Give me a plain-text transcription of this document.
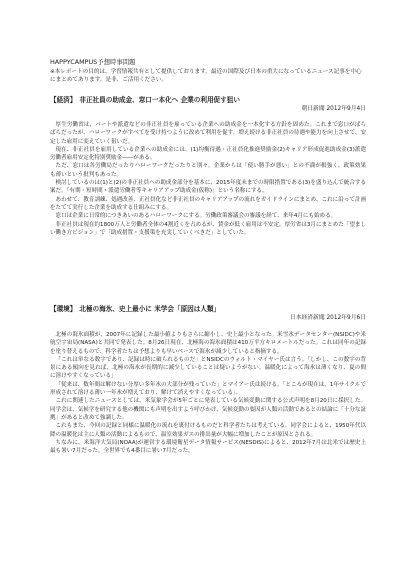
HAPPYCAMPUS予想時事問題
※本レポートの目的は、学習情報共有として提供しております。最近の国際及び日本の重大になっているニュース記事を中心にまとめてあります。是非、ご活用ください。
【経済】 非正社員の助成金、窓口一本化へ 企業の利用促す狙い
朝日新聞 2012年9月4日

厚生労働省は、パートや派遣などの非正社員を雇っている企業への助成金を一本化する方針を固めた。これまで窓口がばらばらだったが、ハローワークがすべてを受け持つように改めて利用を促す。増え続ける非正社員の待遇や能力を向上させて、安定した雇用に変えていく狙いだ。

現在、非正社員を雇用している企業への助成金には、(1)均衡待遇・正社員化推進奨励金(2)キャリア形成促進助成金(3)派遣労働者雇用安定化特別奨励金――がある。

ただ、窓口は各労働局だったりハローワークだったりと別々。企業からは「使い勝手が悪い」との不満が根強く、政策効果も薄いという批判もあった。

検討しているのは(1)と(2)の非正社員への助成金部分を基本に、2015年度末までの時限措置である(3)を盛り込んで統合する案だ。「有期・短時間・派遣労働者等キャリアアップ助成金(仮称)」という名称にする。

あわせて、教育訓練、処遇改善、正社員化など非正社員のキャリアアップの流れをガイドラインにまとめ、これに沿って計画をたてて実行した企業を助成する仕組みにする。

窓口は企業に日常的につきあいのあるハローワークにする。労働政策審議会の審議を経て、来年4月にも始める。

非正社員は現在約1800万人と労働者全体の4割近くを占めるが、賃金が低く雇用は不安定。厚労省は3月にまとめた「望ましい働き方ビジョン」で「助成措置・支援策を充実していくべきだ」としていた。

【環境】 北極の海氷、史上最小に 米学会「原因は人類」
日本経済新聞 2012年9月6日

北極の海氷面積が、2007年に記録した最小値よりもさらに縮小し、史上最小となった。米雪氷データセンター(NSIDC)や米航空宇宙局(NASA)と共同で発表した。8月26日現在、北極海の海氷面積は410万平方キロメートルだった。これは同年の記録を塗り替えるもので、科学者たちは予想よりも早いペースで海氷が減少していると指摘する。

「これは単なる数字であり、記録は時に破られるものだ」とNSIDCのウォルト・マイヤー氏は言う。「しかし、この数字の背景にある傾向を見れば、北極の海氷が長期的に減少していることは疑いようがない。温暖化によって海氷は薄くなり、夏の間に溶けやすくなっている」

「従来は、数年間は解けない分厚い多年氷の大部分が残っていた」とマイアー氏は続ける。「ところが現在は、1年サイクルで形成されて溶ける薄い一年氷が増えており、解けて消えやすくなっている」。

これに関連したニュースとしては、米気象学会が5年ごとに発表している気候変動に関する公式声明を8月20日に採択した。同学会は、気候学を研究する他の機関にも声明を出すよう呼びかけ、気候変動の要因が人類の活動であるとの結論に「十分な証拠」があると改めて強調した。

これもまた、今回の記録と同様に温暖化の流れを裏付けるものだと科学者たちは考えている。同学会によると、1950年代以降の温暖化は主に人類の活動によるもので、温室効果ガスの排出量が大幅に増加したことが原因とされる。

ちなみに、米海洋大気局(NOAA)が運営する環境衛星データ情報サービス(NESDIS)によると、2012年7月は北米では歴史上最も暑い7月だった。全世界でも4番目に暑い7月だった。
